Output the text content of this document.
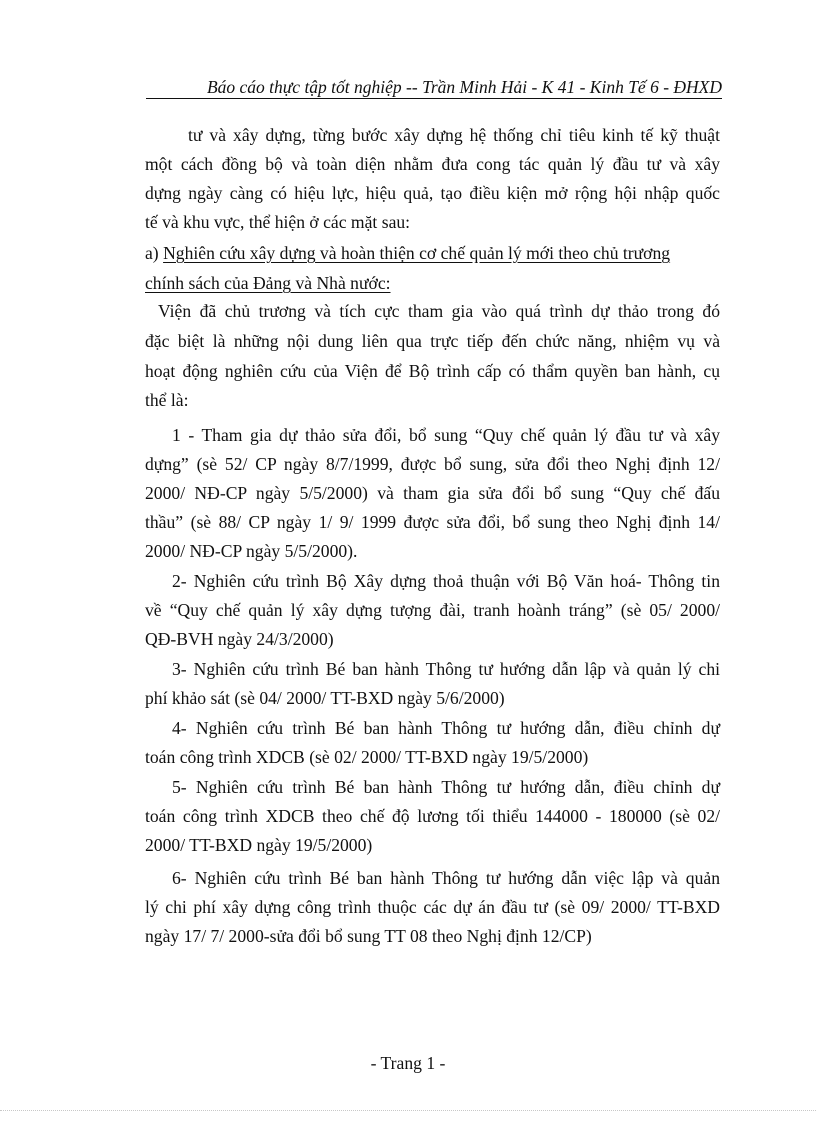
Báo cáo thực tập tốt nghiệp -- Trần Minh Hải - K 41 - Kinh Tế 6 - ĐHXD
tư và xây dựng, từng bước xây dựng hệ thống chỉ tiêu kinh tế kỹ thuật
một cách đồng bộ và toàn diện nhằm đưa cong tác quản lý đầu tư và xây
dựng ngày càng có hiệu lực, hiệu quả, tạo điều kiện mở rộng hội nhập quốc
tế và khu vực, thể hiện ở các mặt sau:
a) Nghiên cứu xây dựng và hoàn thiện cơ chế quản lý mới theo chủ trương
chính sách của Đảng và Nhà nước:
Viện đã chủ trương và tích cực tham gia vào quá trình dự thảo trong đó
đặc biệt là những nội dung liên qua trực tiếp đến chức năng, nhiệm vụ và
hoạt động nghiên cứu của Viện để Bộ trình cấp có thẩm quyền ban hành, cụ
thể là:
1 - Tham gia dự thảo sửa đổi, bổ sung “Quy chế quản lý đầu tư và xây
dựng” (sè 52/ CP ngày 8/7/1999, được bổ sung, sửa đổi theo Nghị định 12/
2000/ NĐ-CP ngày 5/5/2000) và tham gia sửa đổi bổ sung “Quy chế đấu
thầu” (sè 88/ CP ngày 1/ 9/ 1999 được sửa đổi, bổ sung theo Nghị định 14/
2000/ NĐ-CP ngày 5/5/2000).
2- Nghiên cứu trình Bộ Xây dựng thoả thuận với Bộ Văn hoá- Thông tin
về “Quy chế quản lý xây dựng tượng đài, tranh hoành tráng” (sè 05/ 2000/
QĐ-BVH ngày 24/3/2000)
3- Nghiên cứu trình Bé ban hành Thông tư hướng dẫn lập và quản lý chi
phí khảo sát (sè 04/ 2000/ TT-BXD ngày 5/6/2000)
4- Nghiên cứu trình Bé ban hành Thông tư hướng dẫn, điều chỉnh dự
toán công trình XDCB (sè 02/ 2000/ TT-BXD ngày 19/5/2000)
5- Nghiên cứu trình Bé ban hành Thông tư hướng dẫn, điều chỉnh dự
toán công trình XDCB theo chế độ lương tối thiểu 144000 - 180000 (sè 02/
2000/ TT-BXD ngày 19/5/2000)
6- Nghiên cứu trình Bé ban hành Thông tư hướng dẫn việc lập và quản
lý chi phí xây dựng công trình thuộc các dự án đầu tư (sè 09/ 2000/ TT-BXD
ngày 17/ 7/ 2000-sửa đổi bổ sung TT 08 theo Nghị định 12/CP)
- Trang 1 -
